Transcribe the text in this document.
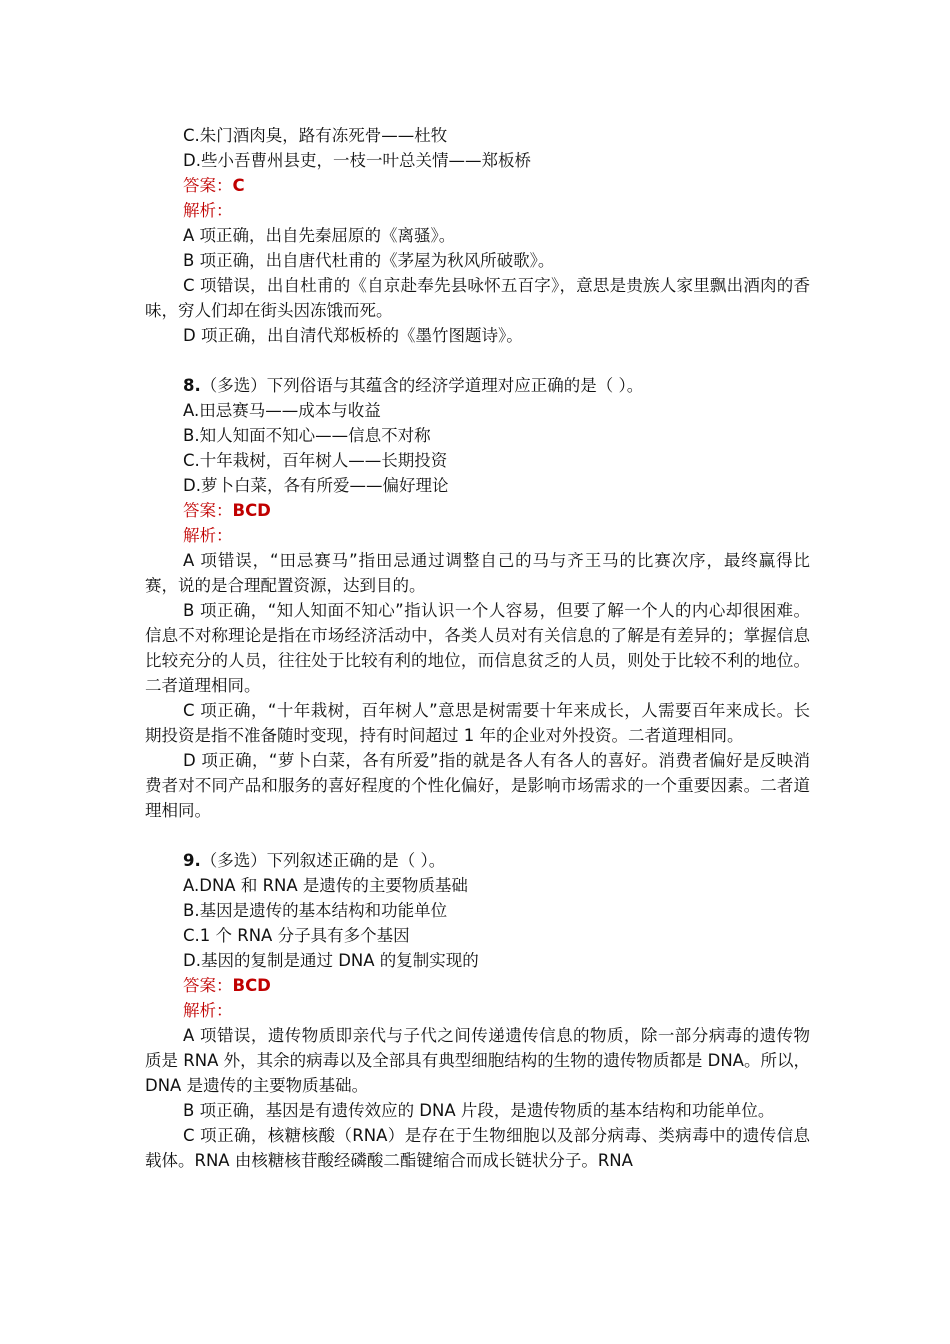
C.朱门酒肉臭，路有冻死骨——杜牧
D.些小吾曹州县吏，一枝一叶总关情——郑板桥
答案：C
解析：
A 项正确，出自先秦屈原的《离骚》。
B 项正确，出自唐代杜甫的《茅屋为秋风所破歌》。
C 项错误，出自杜甫的《自京赴奉先县咏怀五百字》，意思是贵族人家里飘出酒肉的香味，穷人们却在街头因冻饿而死。
D 项正确，出自清代郑板桥的《墨竹图题诗》。
8.（多选）下列俗语与其蕴含的经济学道理对应正确的是（ ）。
A.田忌赛马——成本与收益
B.知人知面不知心——信息不对称
C.十年栽树，百年树人——长期投资
D.萝卜白菜，各有所爱——偏好理论
答案：BCD
解析：
A 项错误，“田忌赛马”指田忌通过调整自己的马与齐王马的比赛次序，最终赢得比赛，说的是合理配置资源，达到目的。
B 项正确，“知人知面不知心”指认识一个人容易，但要了解一个人的内心却很困难。信息不对称理论是指在市场经济活动中，各类人员对有关信息的了解是有差异的；掌握信息比较充分的人员，往往处于比较有利的地位，而信息贫乏的人员，则处于比较不利的地位。二者道理相同。
C 项正确，“十年栽树，百年树人”意思是树需要十年来成长，人需要百年来成长。长期投资是指不准备随时变现，持有时间超过 1 年的企业对外投资。二者道理相同。
D 项正确，“萝卜白菜，各有所爱”指的就是各人有各人的喜好。消费者偏好是反映消费者对不同产品和服务的喜好程度的个性化偏好，是影响市场需求的一个重要因素。二者道理相同。
9.（多选）下列叙述正确的是（ ）。
A.DNA 和 RNA 是遗传的主要物质基础
B.基因是遗传的基本结构和功能单位
C.1 个 RNA 分子具有多个基因
D.基因的复制是通过 DNA 的复制实现的
答案：BCD
解析：
A 项错误，遗传物质即亲代与子代之间传递遗传信息的物质，除一部分病毒的遗传物质是 RNA 外，其余的病毒以及全部具有典型细胞结构的生物的遗传物质都是 DNA。所以，DNA 是遗传的主要物质基础。
B 项正确，基因是有遗传效应的 DNA 片段，是遗传物质的基本结构和功能单位。
C 项正确，核糖核酸（RNA）是存在于生物细胞以及部分病毒、类病毒中的遗传信息载体。RNA 由核糖核苷酸经磷酸二酯键缩合而成长链状分子。RNA
